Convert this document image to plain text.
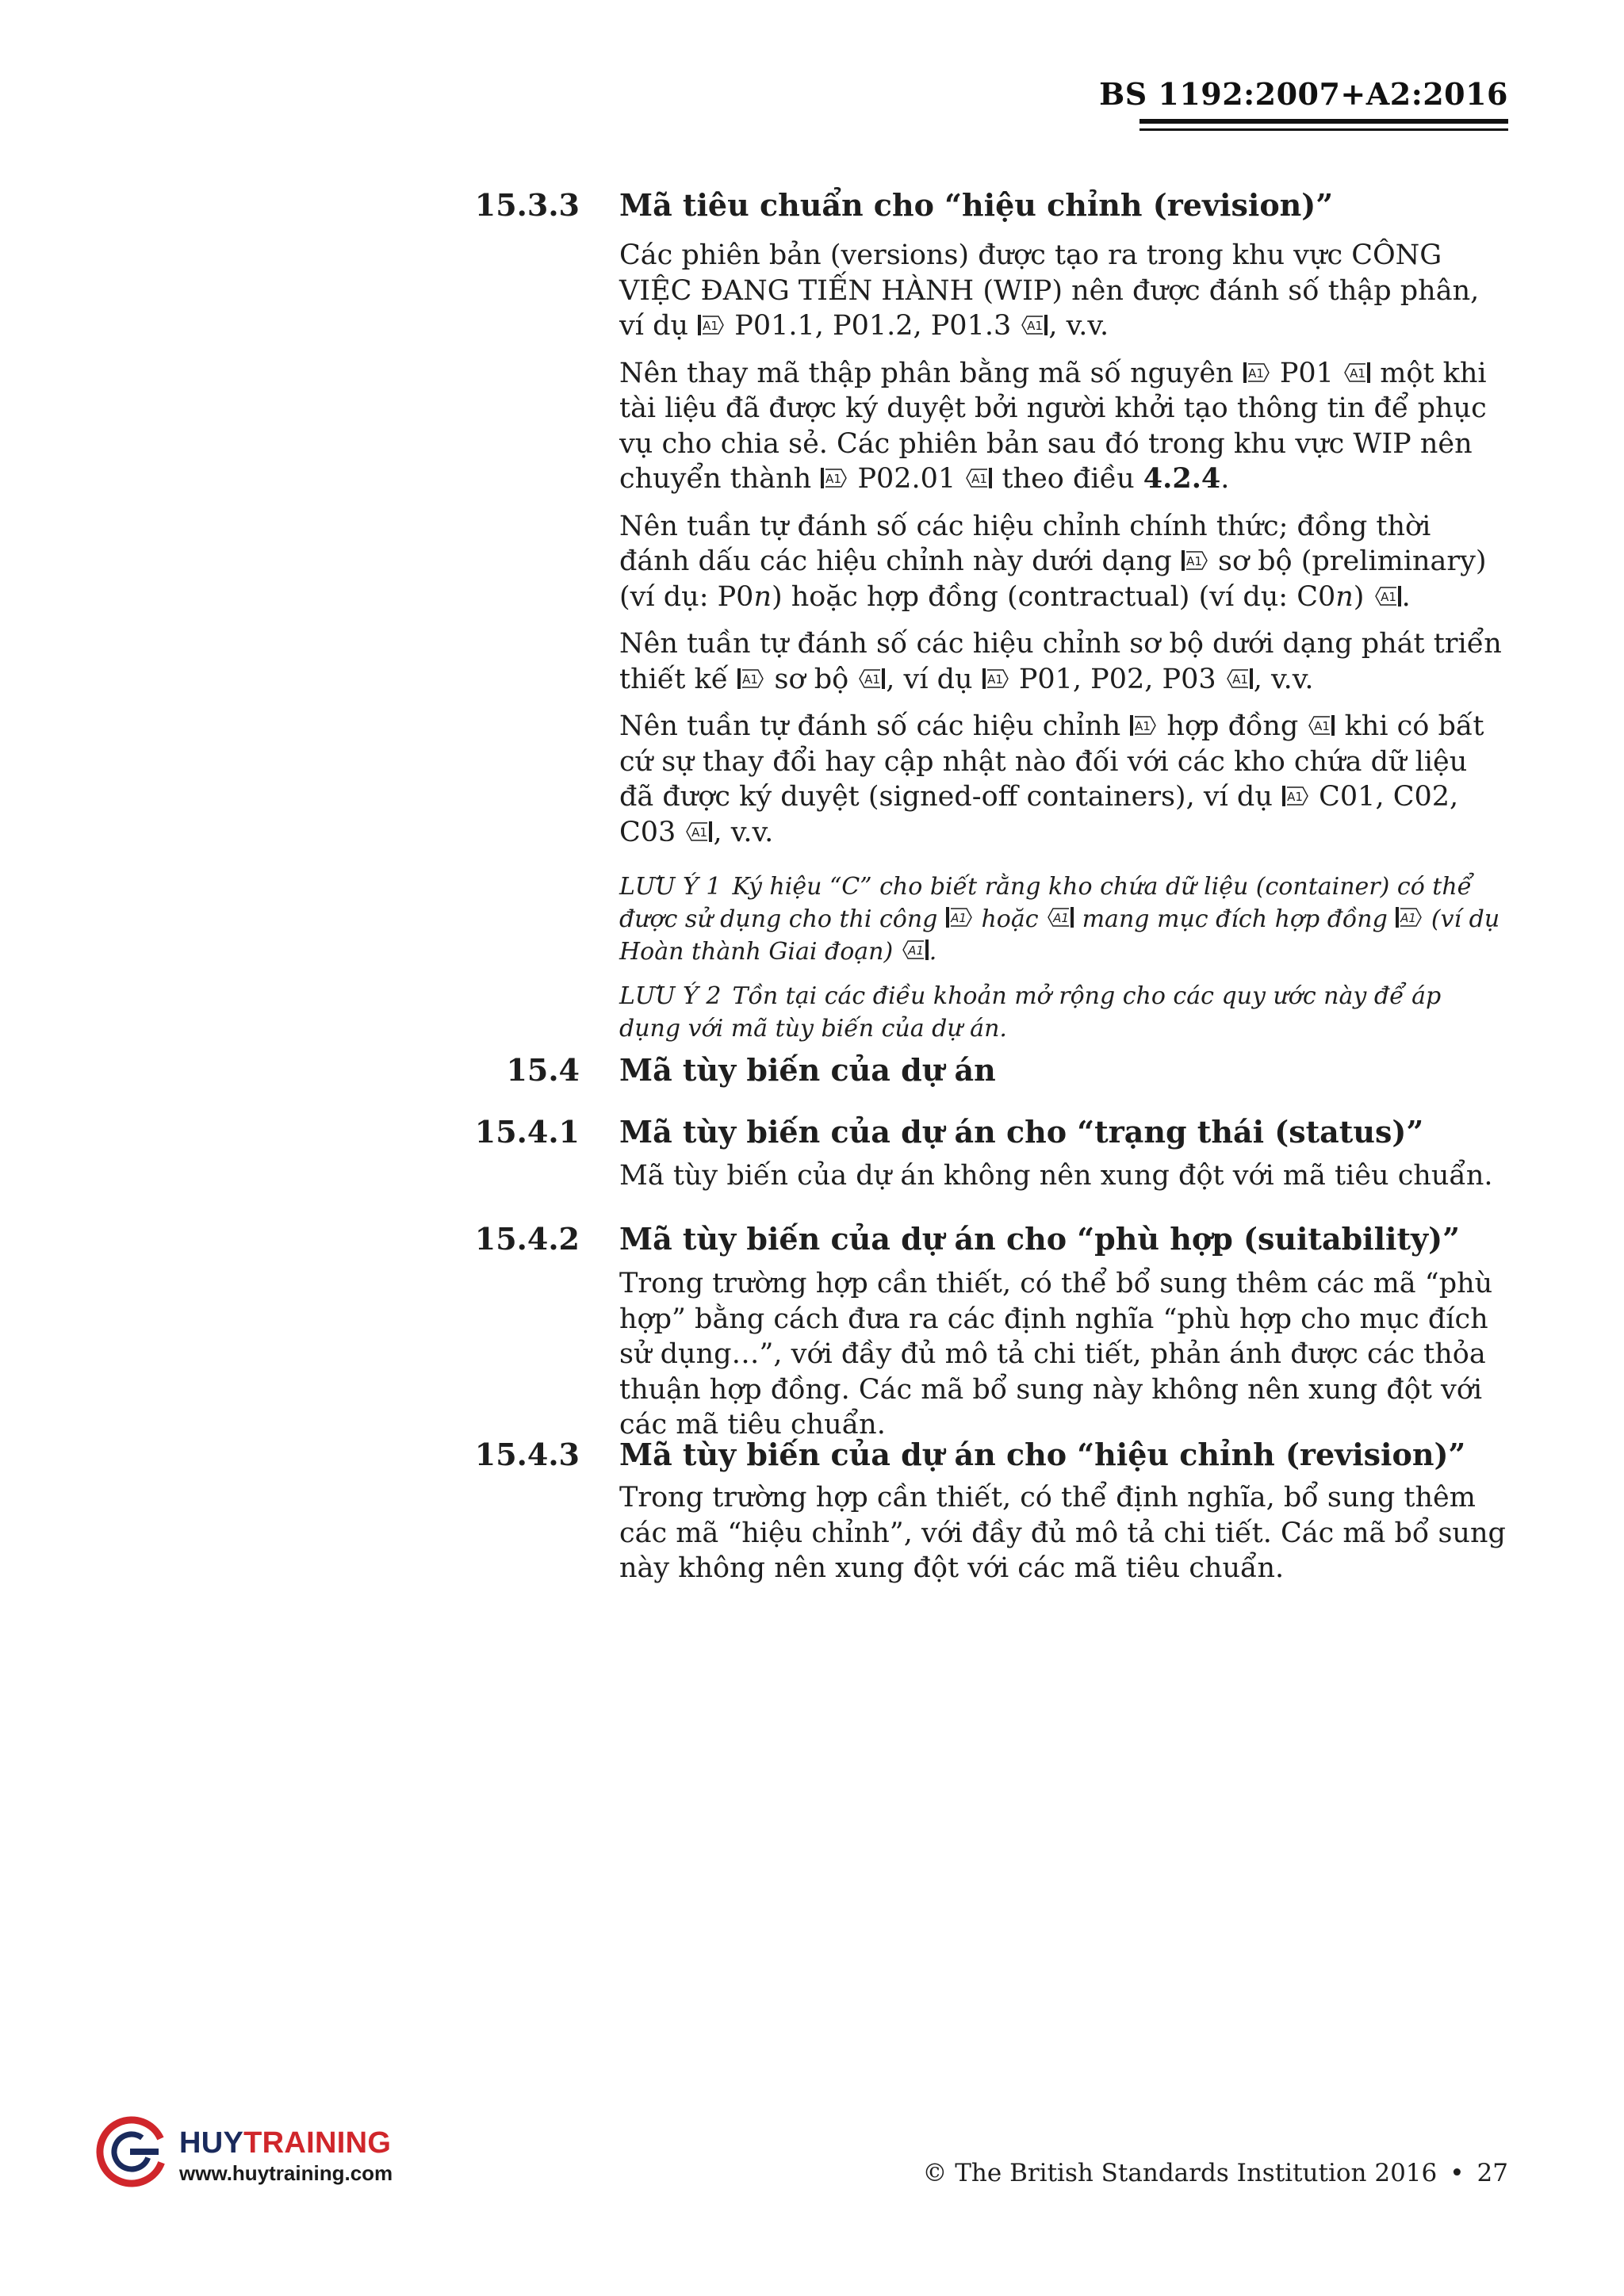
BS 1192:2007+A2:2016
15.3.3 Mã tiêu chuẩn cho “hiệu chỉnh (revision)”

Các phiên bản (versions) được tạo ra trong khu vực CÔNG VIỆC ĐANG TIẾN HÀNH (WIP) nên được đánh số thập phân, ví dụ A1 P01.1, P01.2, P01.3 A1 , v.v.

Nên thay mã thập phân bằng mã số nguyên A1 P01 A1 một khi tài liệu đã được ký duyệt bởi người khởi tạo thông tin để phục vụ cho chia sẻ. Các phiên bản sau đó trong khu vực WIP nên chuyển thành A1 P02.01 A1 theo điều 4.2.4.

Nên tuần tự đánh số các hiệu chỉnh chính thức; đồng thời đánh dấu các hiệu chỉnh này dưới dạng A1 sơ bộ (preliminary) (ví dụ: P0n) hoặc hợp đồng (contractual) (ví dụ: C0n) A1 .

Nên tuần tự đánh số các hiệu chỉnh sơ bộ dưới dạng phát triển thiết kế A1 sơ bộ A1 , ví dụ A1 P01, P02, P03 A1 , v.v.

Nên tuần tự đánh số các hiệu chỉnh A1 hợp đồng A1 khi có bất cứ sự thay đổi hay cập nhật nào đối với các kho chứa dữ liệu đã được ký duyệt (signed-off containers), ví dụ A1 C01, C02, C03 A1 , v.v.

LƯU Ý 1 Ký hiệu “C” cho biết rằng kho chứa dữ liệu (container) có thể được sử dụng cho thi công A1 hoặc A1 mang mục đích hợp đồng A1 (ví dụ Hoàn thành Giai đoạn) A1 .

LƯU Ý 2 Tồn tại các điều khoản mở rộng cho các quy ước này để áp dụng với mã tùy biến của dự án.

15.4 Mã tùy biến của dự án
15.4.1 Mã tùy biến của dự án cho “trạng thái (status)”

Mã tùy biến của dự án không nên xung đột với mã tiêu chuẩn.

15.4.2 Mã tùy biến của dự án cho “phù hợp (suitability)”

Trong trường hợp cần thiết, có thể bổ sung thêm các mã “phù hợp” bằng cách đưa ra các định nghĩa “phù hợp cho mục đích sử dụng…”, với đầy đủ mô tả chi tiết, phản ánh được các thỏa thuận hợp đồng. Các mã bổ sung này không nên xung đột với các mã tiêu chuẩn.

15.4.3 Mã tùy biến của dự án cho “hiệu chỉnh (revision)”

Trong trường hợp cần thiết, có thể định nghĩa, bổ sung thêm các mã “hiệu chỉnh”, với đầy đủ mô tả chi tiết. Các mã bổ sung này không nên xung đột với các mã tiêu chuẩn.

HUYTRAINING
www.huytraining.com	© The British Standards Institution 2016 • 27
